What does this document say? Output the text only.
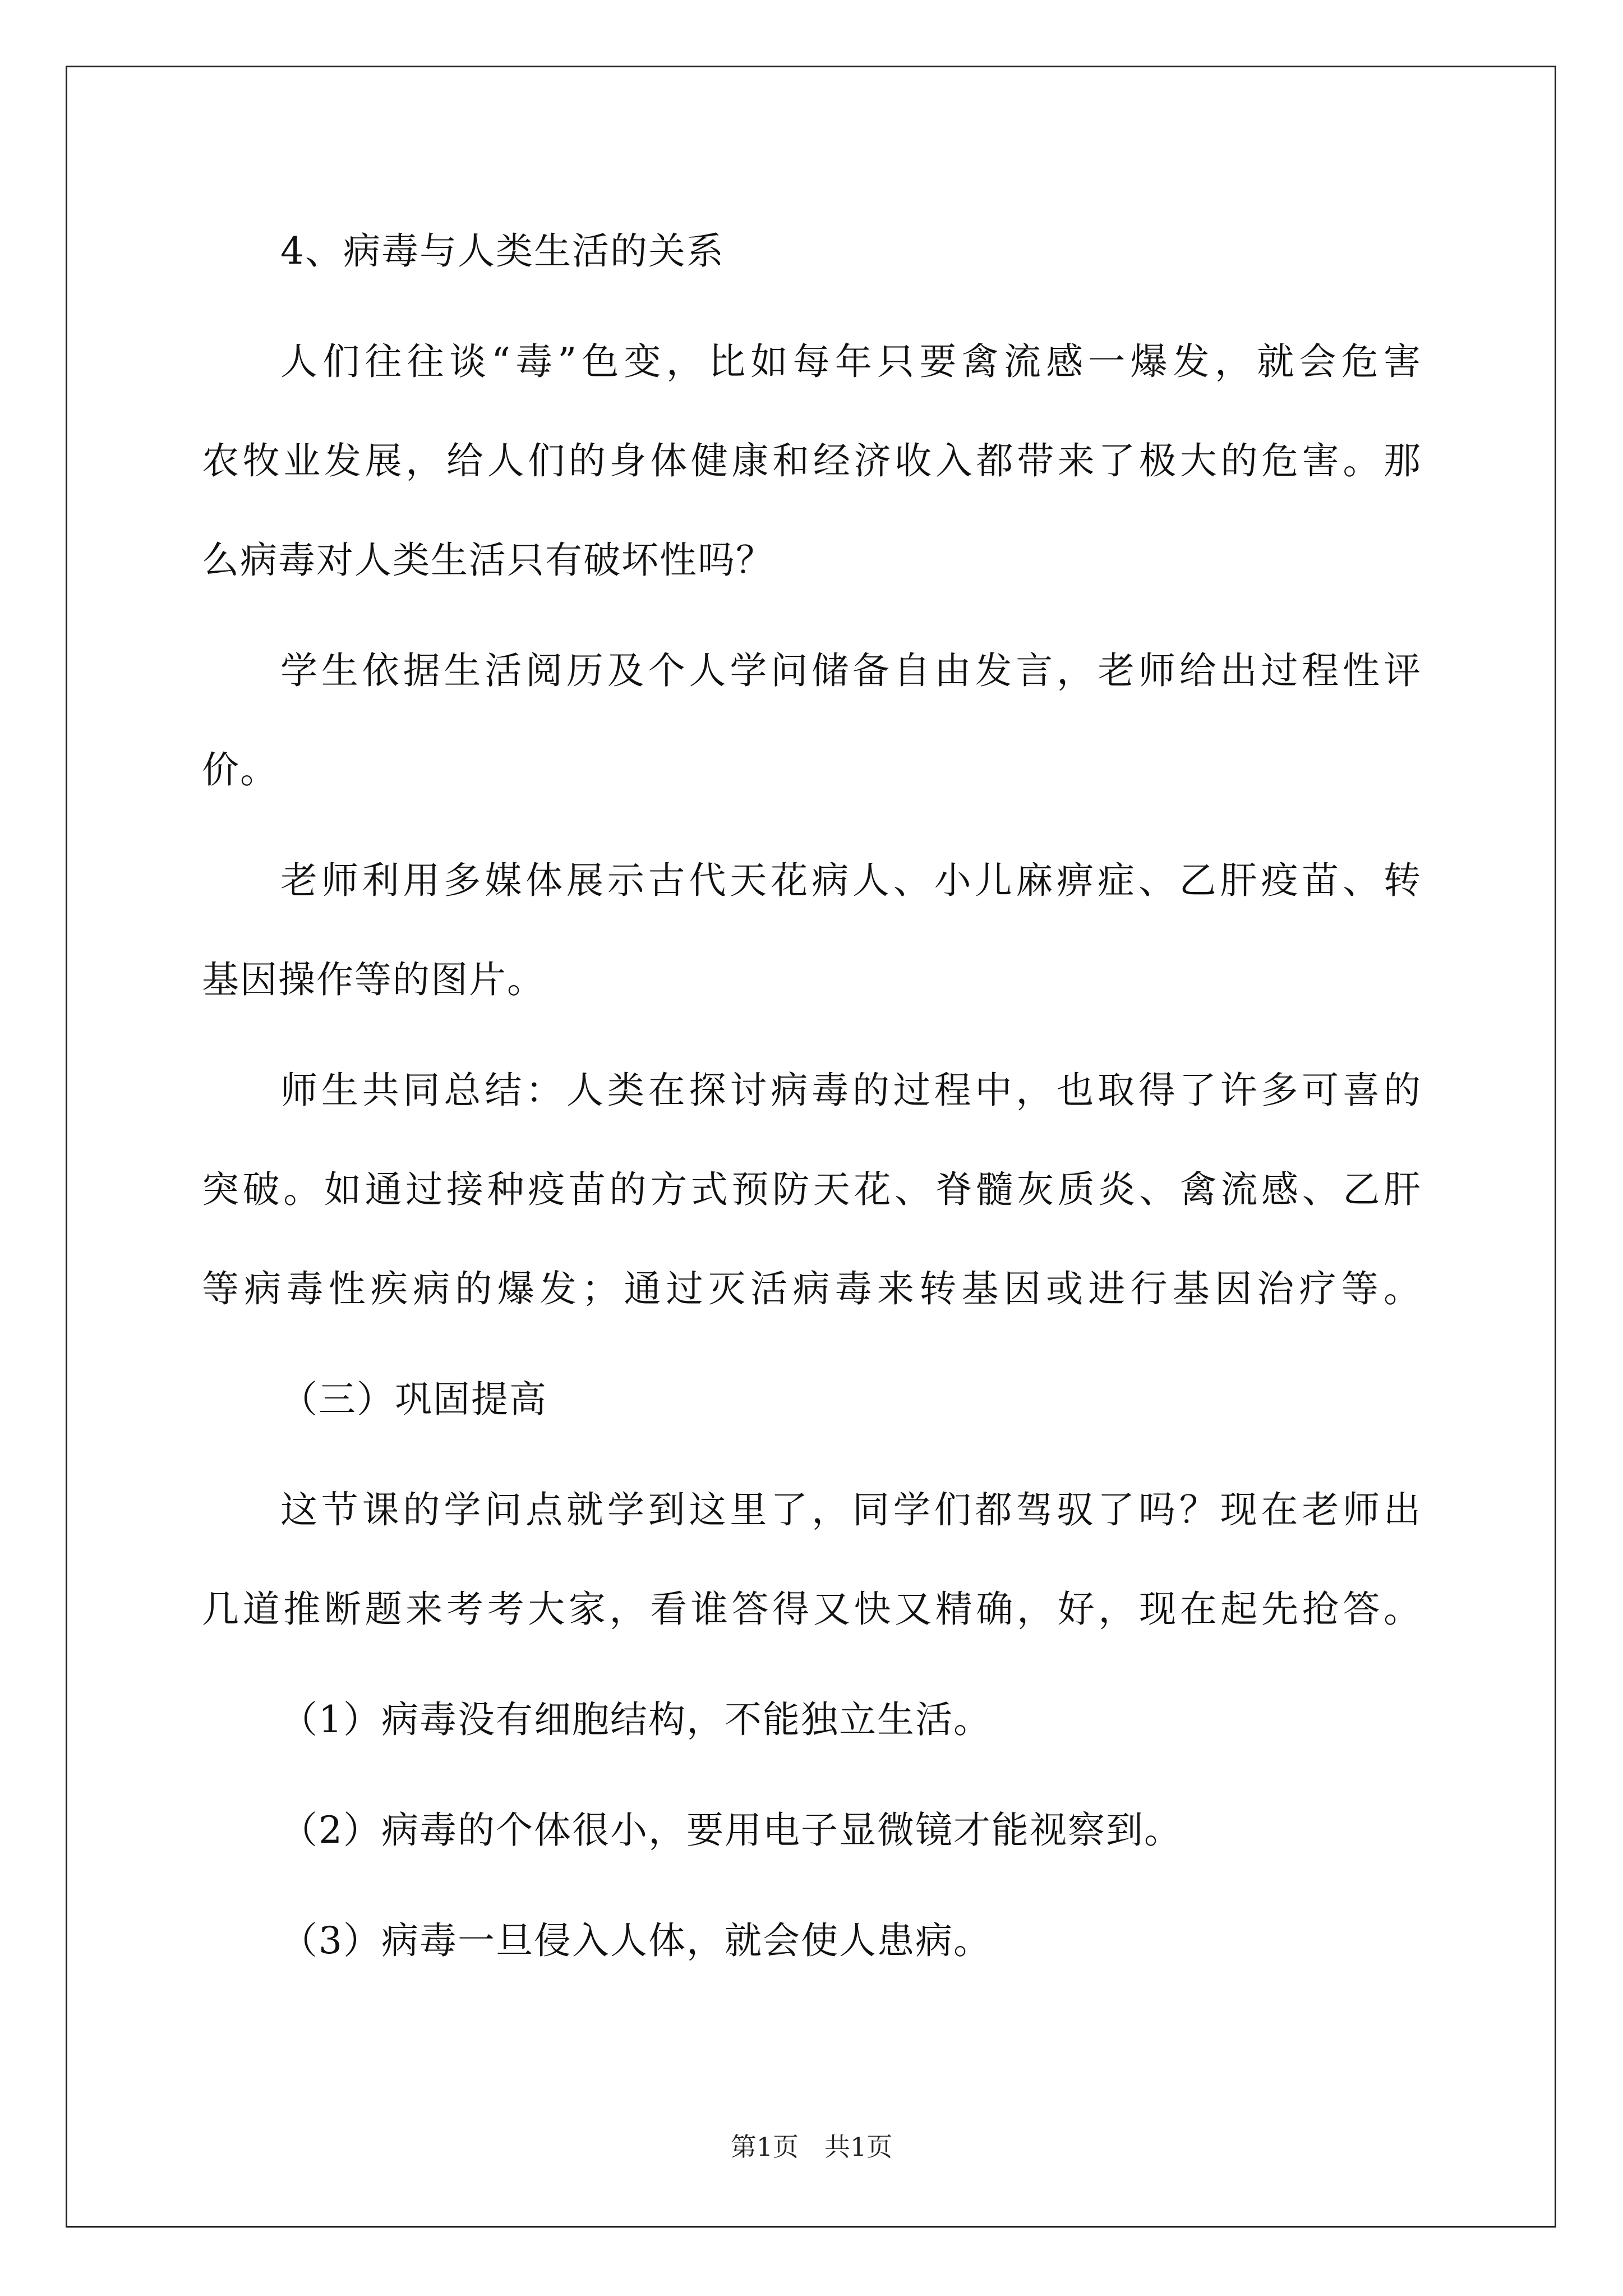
4、病毒与人类生活的关系
人们往往谈“毒”色变，比如每年只要禽流感一爆发，就会危害
农牧业发展，给人们的身体健康和经济收入都带来了极大的危害。那
么病毒对人类生活只有破坏性吗？
学生依据生活阅历及个人学问储备自由发言，老师给出过程性评
价。
老师利用多媒体展示古代天花病人、小儿麻痹症、乙肝疫苗、转
基因操作等的图片。
师生共同总结：人类在探讨病毒的过程中，也取得了许多可喜的
突破。如通过接种疫苗的方式预防天花、脊髓灰质炎、禽流感、乙肝
等病毒性疾病的爆发；通过灭活病毒来转基因或进行基因治疗等。
（三）巩固提高
这节课的学问点就学到这里了，同学们都驾驭了吗？现在老师出
几道推断题来考考大家，看谁答得又快又精确，好，现在起先抢答。
（1）病毒没有细胞结构，不能独立生活。
（2）病毒的个体很小，要用电子显微镜才能视察到。
（3）病毒一旦侵入人体，就会使人患病。
第1页　共1页
